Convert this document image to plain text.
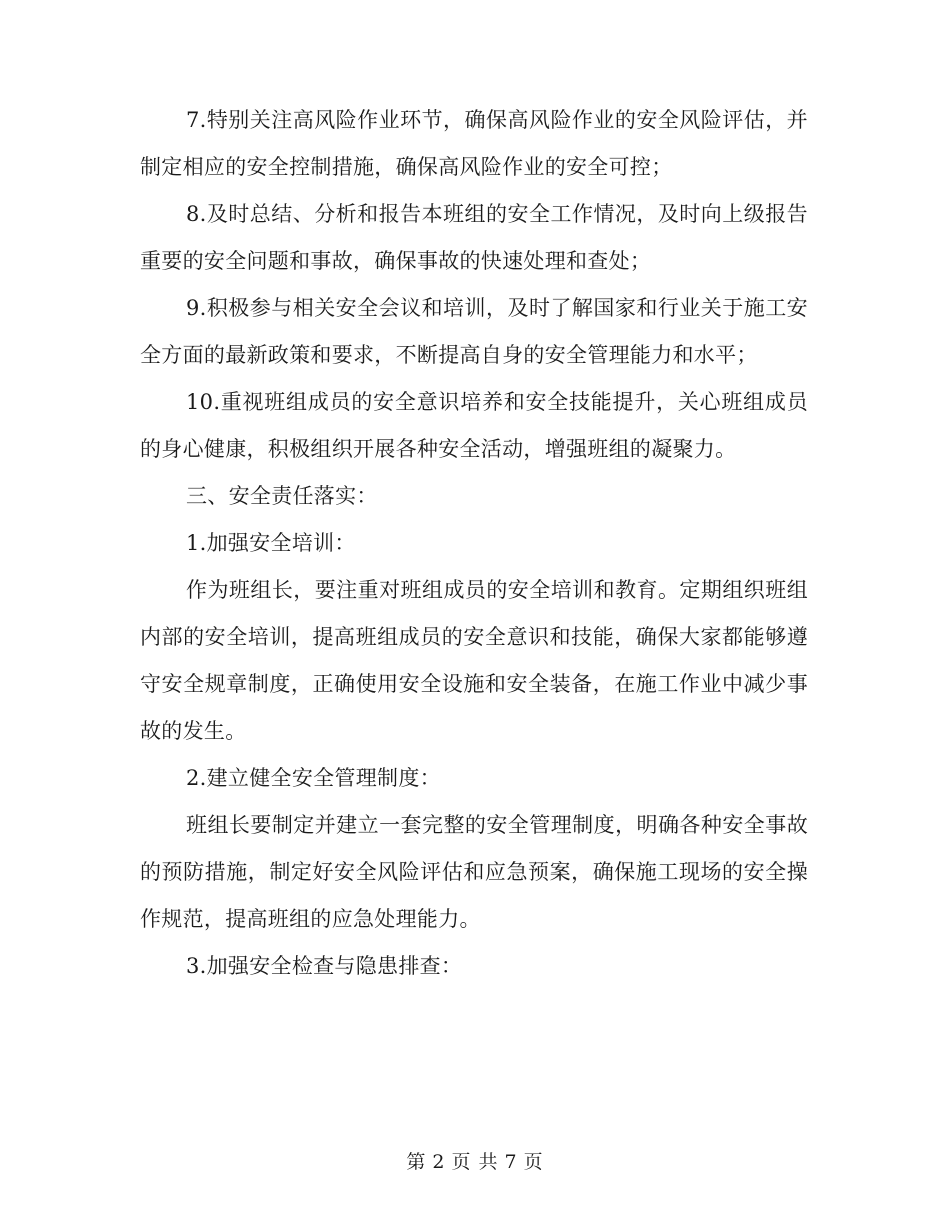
7.特别关注高风险作业环节，确保高风险作业的安全风险评估，并制定相应的安全控制措施，确保高风险作业的安全可控；

8.及时总结、分析和报告本班组的安全工作情况，及时向上级报告重要的安全问题和事故，确保事故的快速处理和查处；

9.积极参与相关安全会议和培训，及时了解国家和行业关于施工安全方面的最新政策和要求，不断提高自身的安全管理能力和水平；

10.重视班组成员的安全意识培养和安全技能提升，关心班组成员的身心健康，积极组织开展各种安全活动，增强班组的凝聚力。

三、安全责任落实：

1.加强安全培训：

作为班组长，要注重对班组成员的安全培训和教育。定期组织班组内部的安全培训，提高班组成员的安全意识和技能，确保大家都能够遵守安全规章制度，正确使用安全设施和安全装备，在施工作业中减少事故的发生。

2.建立健全安全管理制度：

班组长要制定并建立一套完整的安全管理制度，明确各种安全事故的预防措施，制定好安全风险评估和应急预案，确保施工现场的安全操作规范，提高班组的应急处理能力。

3.加强安全检查与隐患排查：

第 2 页 共 7 页
